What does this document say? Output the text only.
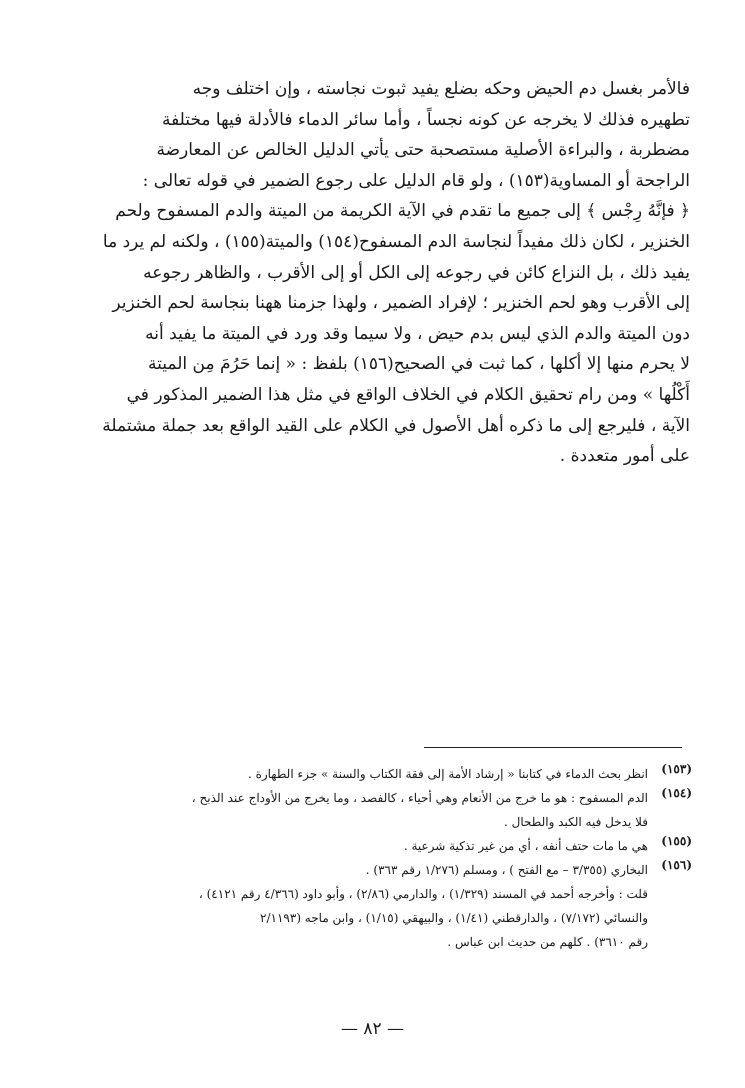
فالأمر بغسل دم الحيض وحكه بضلع يفيد ثبوت نجاسته ، وإن اختلف وجه
تطهيره فذلك لا يخرجه عن كونه نجساً ، وأما سائر الدماء فالأدلة فيها مختلفة
مضطربة ، والبراءة الأصلية مستصحبة حتى يأتي الدليل الخالص عن المعارضة
الراجحة أو المساوية(١٥٣) ، ولو قام الدليل على رجوع الضمير في قوله تعالى :
﴿ فإنَّهُ رِجْس ﴾ إلى جميع ما تقدم في الآية الكريمة من الميتة والدم المسفوح ولحم
الخنزير ، لكان ذلك مفيداً لنجاسة الدم المسفوح(١٥٤) والميتة(١٥٥) ، ولكنه لم يرد ما
يفيد ذلك ، بل النزاع كائن في رجوعه إلى الكل أو إلى الأقرب ، والظاهر رجوعه
إلى الأقرب وهو لحم الخنزير ؛ لإفراد الضمير ، ولهذا جزمنا ههنا بنجاسة لحم الخنزير
دون الميتة والدم الذي ليس بدم حيض ، ولا سيما وقد ورد في الميتة ما يفيد أنه
لا يحرم منها إلا أكلها ، كما ثبت في الصحيح(١٥٦) بلفظ : « إنما حَرُمَ مِن الميتة
أَكْلُها » ومن رام تحقيق الكلام في الخلاف الواقع في مثل هذا الضمير المذكور في
الآية ، فليرجع إلى ما ذكره أهل الأصول في الكلام على القيد الواقع بعد جملة مشتملة
على أمور متعددة .
(١٥٣)
انظر بحث الدماء في كتابنا « إرشاد الأمة إلى فقة الكتاب والسنة » جزء الطهارة .
(١٥٤)
الدم المسفوح : هو ما خرج من الأنعام وهي أحياء ، كالفصد ، وما يخرج من الأوداج عند الذبح ،
فلا يدخل فيه الكبد والطحال .
(١٥٥)
هي ما مات حتف أنفه ، أي من غير تذكية شرعية .
(١٥٦)
البخاري (٣/٣٥٥ – مع الفتح ) ، ومسلم (١/٢٧٦ رقم ٣٦٣) .
قلت : وأخرجه أحمد في المسند (١/٣٢٩) ، والدارمي (٢/٨٦) ، وأبو داود (٤/٣٦٦ رقم ٤١٢١) ،
والنسائي (٧/١٧٢) ، والدارقطني (١/٤١) ، والبيهقي (١/١٥) ، وابن ماجه (٢/١١٩٣
رقم ٣٦١٠) . كلهم من حديث ابن عباس .
— ٨٢ —
